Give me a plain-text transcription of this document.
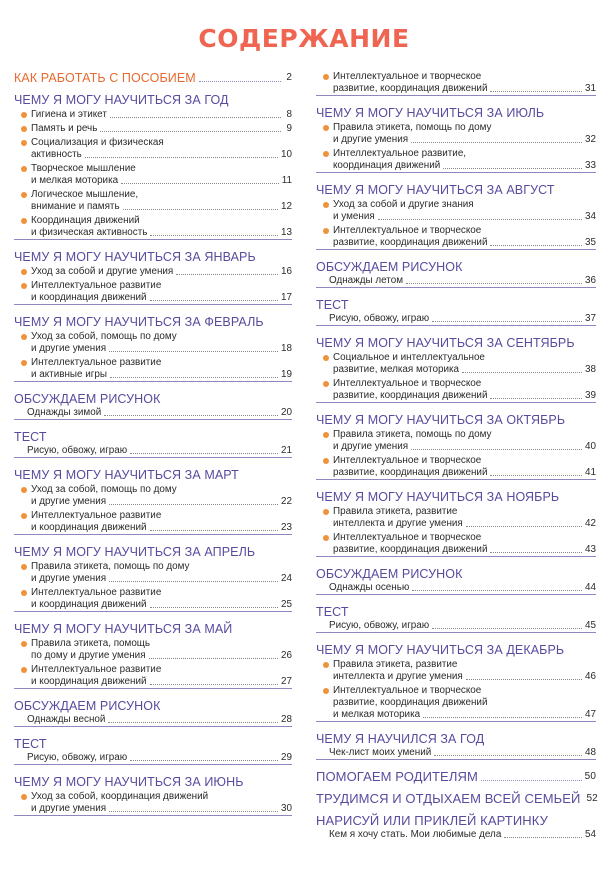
СОДЕРЖАНИЕ
КАК РАБОТАТЬ С ПОСОБИЕМ	2
ЧЕМУ Я МОГУ НАУЧИТЬСЯ ЗА ГОД
Гигиена и этикет	8
Память и речь	9
Социализация и физическая
активность	10
Творческое мышление
и мелкая моторика	11
Логическое мышление,
внимание и память	12
Координация движений
и физическая активность	13
ЧЕМУ Я МОГУ НАУЧИТЬСЯ ЗА ЯНВАРЬ
Уход за собой и другие умения	16
Интеллектуальное развитие
и координация движений	17
ЧЕМУ Я МОГУ НАУЧИТЬСЯ ЗА ФЕВРАЛЬ
Уход за собой, помощь по дому
и другие умения	18
Интеллектуальное развитие
и активные игры	19
ОБСУЖДАЕМ РИСУНОК
Однажды зимой	20
ТЕСТ
Рисую, обвожу, играю	21
ЧЕМУ Я МОГУ НАУЧИТЬСЯ ЗА МАРТ
Уход за собой, помощь по дому
и другие умения	22
Интеллектуальное развитие
и координация движений	23
ЧЕМУ Я МОГУ НАУЧИТЬСЯ ЗА АПРЕЛЬ
Правила этикета, помощь по дому
и другие умения	24
Интеллектуальное развитие
и координация движений	25
ЧЕМУ Я МОГУ НАУЧИТЬСЯ ЗА МАЙ
Правила этикета, помощь
по дому и другие умения	26
Интеллектуальное развитие
и координация движений	27
ОБСУЖДАЕМ РИСУНОК
Однажды весной	28
ТЕСТ
Рисую, обвожу, играю	29
ЧЕМУ Я МОГУ НАУЧИТЬСЯ ЗА ИЮНЬ
Уход за собой, координация движений
и другие умения	30
Интеллектуальное и творческое
развитие, координация движений	31
ЧЕМУ Я МОГУ НАУЧИТЬСЯ ЗА ИЮЛЬ
Правила этикета, помощь по дому
и другие умения	32
Интеллектуальное развитие,
координация движений	33
ЧЕМУ Я МОГУ НАУЧИТЬСЯ ЗА АВГУСТ
Уход за собой и другие знания
и умения	34
Интеллектуальное и творческое
развитие, координация движений	35
ОБСУЖДАЕМ РИСУНОК
Однажды летом	36
ТЕСТ
Рисую, обвожу, играю	37
ЧЕМУ Я МОГУ НАУЧИТЬСЯ ЗА СЕНТЯБРЬ
Социальное и интеллектуальное
развитие, мелкая моторика	38
Интеллектуальное и творческое
развитие, координация движений	39
ЧЕМУ Я МОГУ НАУЧИТЬСЯ ЗА ОКТЯБРЬ
Правила этикета, помощь по дому
и другие умения	40
Интеллектуальное и творческое
развитие, координация движений	41
ЧЕМУ Я МОГУ НАУЧИТЬСЯ ЗА НОЯБРЬ
Правила этикета, развитие
интеллекта и другие умения	42
Интеллектуальное и творческое
развитие, координация движений	43
ОБСУЖДАЕМ РИСУНОК
Однажды осенью	44
ТЕСТ
Рисую, обвожу, играю	45
ЧЕМУ Я МОГУ НАУЧИТЬСЯ ЗА ДЕКАБРЬ
Правила этикета, развитие
интеллекта и другие умения	46
Интеллектуальное и творческое
развитие, координация движений
и мелкая моторика	47
ЧЕМУ Я НАУЧИЛСЯ ЗА ГОД
Чек-лист моих умений	48
ПОМОГАЕМ РОДИТЕЛЯМ	50
ТРУДИМСЯ И ОТДЫХАЕМ ВСЕЙ СЕМЬЕЙ 52
НАРИСУЙ ИЛИ ПРИКЛЕЙ КАРТИНКУ
Кем я хочу стать. Мои любимые дела	54
